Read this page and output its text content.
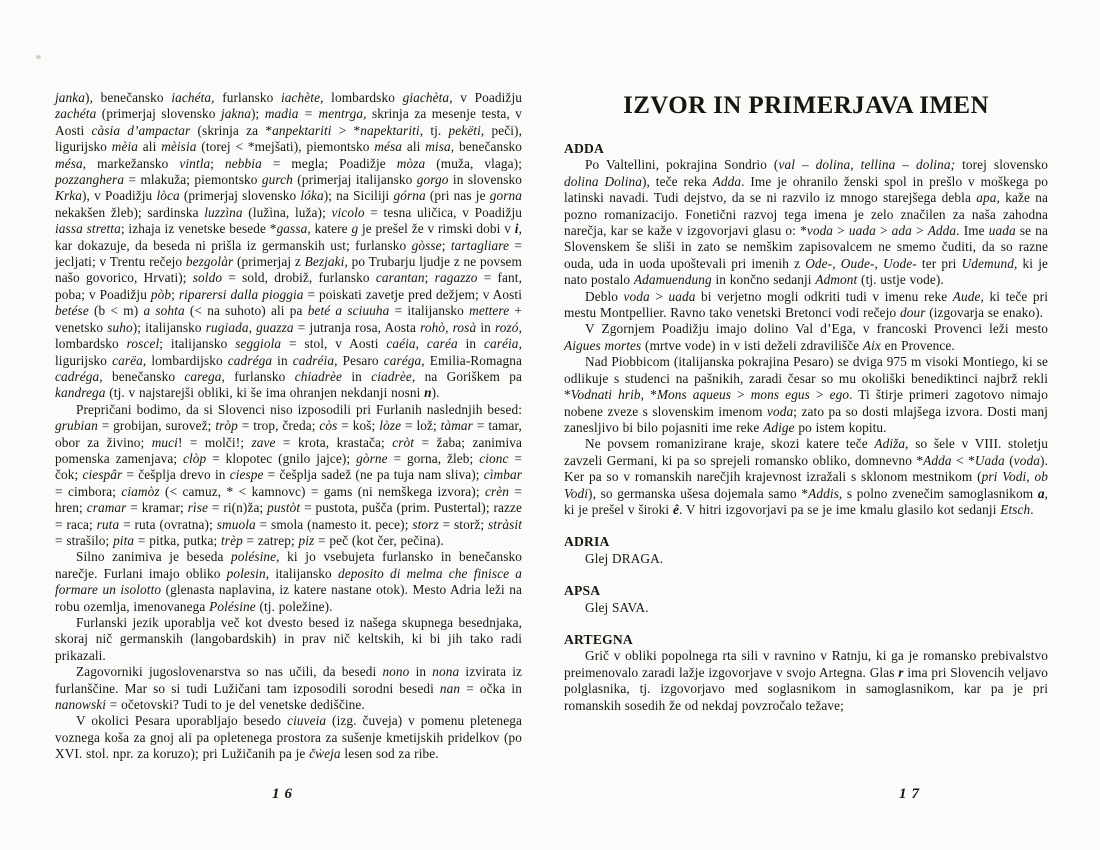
janka), benečansko iachéta, furlansko iachète, lombardsko giachèta, v Poadižju zachéta (primerjaj slovensko jakna); madia = mentrga, skrinja za mesenje testa, v Aosti càsia d’ampactar (skrinja za *anpektariti > *napektariti, tj. pekëti, peči), ligurijsko mèia ali mèisia (torej < *mejšati), piemontsko mésa ali misa, benečansko mésa, markežansko vintla; nebbia = megla; Poadižje mòza (muža, vlaga); pozzanghera = mlakuža; piemontsko gurch (primerjaj italijansko gorgo in slovensko Krka), v Poadižju lòca (primerjaj slovensko lóka); na Siciliji górna (pri nas je gorna nekakšen žleb); sardinska luzzìna (lužìna, luža); vicolo = tesna uličica, v Poadižju iassa stretta; izhaja iz venetske besede *gassa, katere g je prešel že v rimski dobi v i, kar dokazuje, da beseda ni prišla iz germanskih ust; furlansko gòsse; tartagliare = jecljati; v Trentu rečejo bezgolàr (primerjaj z Bezjaki, po Trubarju ljudje z ne povsem našo govorico, Hrvati); soldo = sold, drobiž, furlansko carantan; ragazzo = fant, poba; v Poadižju pòb; riparersi dalla pioggia = poiskati zavetje pred dežjem; v Aosti betése (b < m) a sohta (< na suhoto) ali pa beté a sciuuha = italijansko mettere + venetsko suho); italijansko rugiada, guazza = jutranja rosa, Aosta rohò, rosà in rozó, lombardsko roscel; italijansko seggiola = stol, v Aosti caéia, caréa in caréia, ligurijsko carëa, lombardijsko cadréga in cadréia, Pesaro caréga, Emilia-Romagna cadréga, benečansko carega, furlansko chiadrèe in ciadrèe, na Goriškem pa kandrega (tj. v najstarejši obliki, ki še ima ohranjen nekdanji nosni n).

Prepričani bodimo, da si Slovenci niso izposodili pri Furlanih naslednjih besed: grubian = grobijan, surovež; tròp = trop, čreda; còs = koš; lòze = lož; tàmar = tamar, obor za živino; muci! = molči!; zave = krota, krastača; cròt = žaba; zanimiva pomenska zamenjava; clòp = klopotec (gnilo jajce); gòrne = gorna, žleb; cionc = čok; ciespâr = češplja drevo in ciespe = češplja sadež (ne pa tuja nam sliva); cìmbar = cimbora; ciamòz (< camuz, * < kamnovc) = gams (ni nemškega izvora); crèn = hren; cramar = kramar; rìse = ri(n)ža; pustòt = pustota, pušča (prim. Pustertal); razze = raca; ruta = ruta (ovratna); smuola = smola (namesto it. pece); storz = storž; stràsit = strašilo; pita = pitka, putka; trèp = zatrep; piz = peč (kot čer, pečina).

Silno zanimiva je beseda polésine, ki jo vsebujeta furlansko in benečansko narečje. Furlani imajo obliko polesin, italijansko deposito di melma che finisce a formare un isolotto (glenasta naplavina, iz katere nastane otok). Mesto Adria leži na robu ozemlja, imenovanega Polésine (tj. poležine).

Furlanski jezik uporablja več kot dvesto besed iz našega skupnega besednjaka, skoraj nič germanskih (langobardskih) in prav nič keltskih, ki bi jih tako radi prikazali.

Zagovorniki jugoslovenarstva so nas učili, da besedi nono in nona izvirata iz furlanščine. Mar so si tudi Lužičani tam izposodili sorodni besedi nan = očka in nanowski = očetovski? Tudi to je del venetske dediščine.

V okolici Pesara uporabljajo besedo ciuveia (izg. čuveja) v pomenu pletenega voznega koša za gnoj ali pa opletenega prostora za sušenje kmetijskih pridelkov (po XVI. stol. npr. za koruzo); pri Lužičanih pa je čẇeja lesen sod za ribe.

IZVOR IN PRIMERJAVA IMEN
ADDA

Po Valtellini, pokrajina Sondrio (val – dolina, tellina – dolina; torej slovensko dolina Dolina), teče reka Adda. Ime je ohranilo ženski spol in prešlo v moškega po latinski navadi. Tudi dejstvo, da se ni razvilo iz mnogo starejšega debla apa, kaže na pozno romanizacijo. Fonetični razvoj tega imena je zelo značilen za naša zahodna narečja, kar se kaže v izgovorjavi glasu o: *voda > uada > ada > Adda. Ime uada se na Slovenskem še sliši in zato se nemškim zapisovalcem ne smemo čuditi, da so razne ouda, uda in uoda upoštevali pri imenih z Ode-, Oude-, Uode- ter pri Udemund, ki je nato postalo Adamuendung in končno sedanji Admont (tj. ustje vode).

Deblo voda > uada bi verjetno mogli odkriti tudi v imenu reke Aude, ki teče pri mestu Montpellier. Ravno tako venetski Bretonci vodi rečejo dour (izgovarja se enako).

V Zgornjem Poadižju imajo dolino Val d’Ega, v francoski Provenci leži mesto Aigues mortes (mrtve vode) in v isti deželi zdravilišče Aix en Provence.

Nad Piobbicom (italijanska pokrajina Pesaro) se dviga 975 m visoki Montiego, ki se odlikuje s studenci na pašnikih, zaradi česar so mu okoliški benediktinci najbrž rekli *Vodnati hrib, *Mons aqueus > mons egus > ego. Ti štirje primeri zagotovo nimajo nobene zveze s slovenskim imenom voda; zato pa so dosti mlajšega izvora. Dosti manj zanesljivo bi bilo pojasniti ime reke Adige po istem kopitu.

Ne povsem romanizirane kraje, skozi katere teče Adiža, so šele v VIII. stoletju zavzeli Germani, ki pa so sprejeli romansko obliko, domnevno *Adda < *Uada (voda). Ker pa so v romanskih narečjih krajevnost izražali s sklonom mestnikom (pri Vodi, ob Vodi), so germanska ušesa dojemala samo *Addis, s polno zvenečim samoglasnikom a, ki je prešel v široki ê. V hitri izgovorjavi pa se je ime kmalu glasilo kot sedanji Etsch.

ADRIA

Glej DRAGA.

APSA

Glej SAVA.

ARTEGNA

Grič v obliki popolnega rta sili v ravnino v Ratnju, ki ga je romansko prebivalstvo preimenovalo zaradi lažje izgovorjave v svojo Artegna. Glas r ima pri Slovencih veljavo polglasnika, tj. izgovorjavo med soglasnikom in samoglasnikom, kar pa je pri romanskih sosedih že od nekdaj povzročalo težave;

16	17
